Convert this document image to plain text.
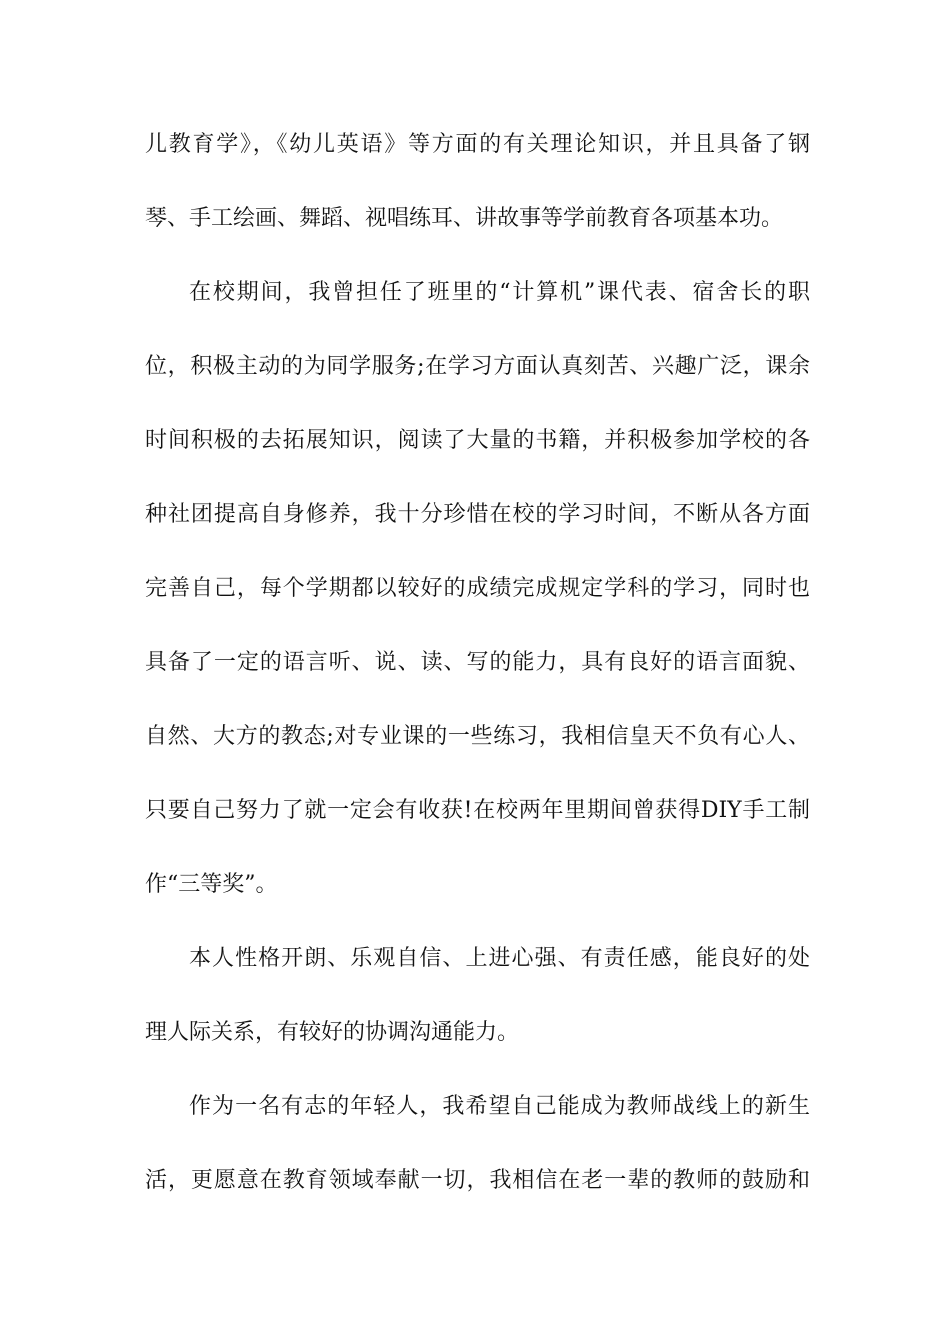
儿教育学》，《幼儿英语》等方面的有关理论知识，并且具备了钢
琴、手工绘画、舞蹈、视唱练耳、讲故事等学前教育各项基本功。
在校期间，我曾担任了班里的“计算机”课代表、宿舍长的职
位，积极主动的为同学服务;在学习方面认真刻苦、兴趣广泛，课余
时间积极的去拓展知识，阅读了大量的书籍，并积极参加学校的各
种社团提高自身修养，我十分珍惜在校的学习时间，不断从各方面
完善自己，每个学期都以较好的成绩完成规定学科的学习，同时也
具备了一定的语言听、说、读、写的能力，具有良好的语言面貌、
自然、大方的教态;对专业课的一些练习，我相信皇天不负有心人、
只要自己努力了就一定会有收获!在校两年里期间曾获得DIY手工制
作“三等奖”。
本人性格开朗、乐观自信、上进心强、有责任感，能良好的处
理人际关系，有较好的协调沟通能力。
作为一名有志的年轻人，我希望自己能成为教师战线上的新生
活，更愿意在教育领域奉献一切，我相信在老一辈的教师的鼓励和
